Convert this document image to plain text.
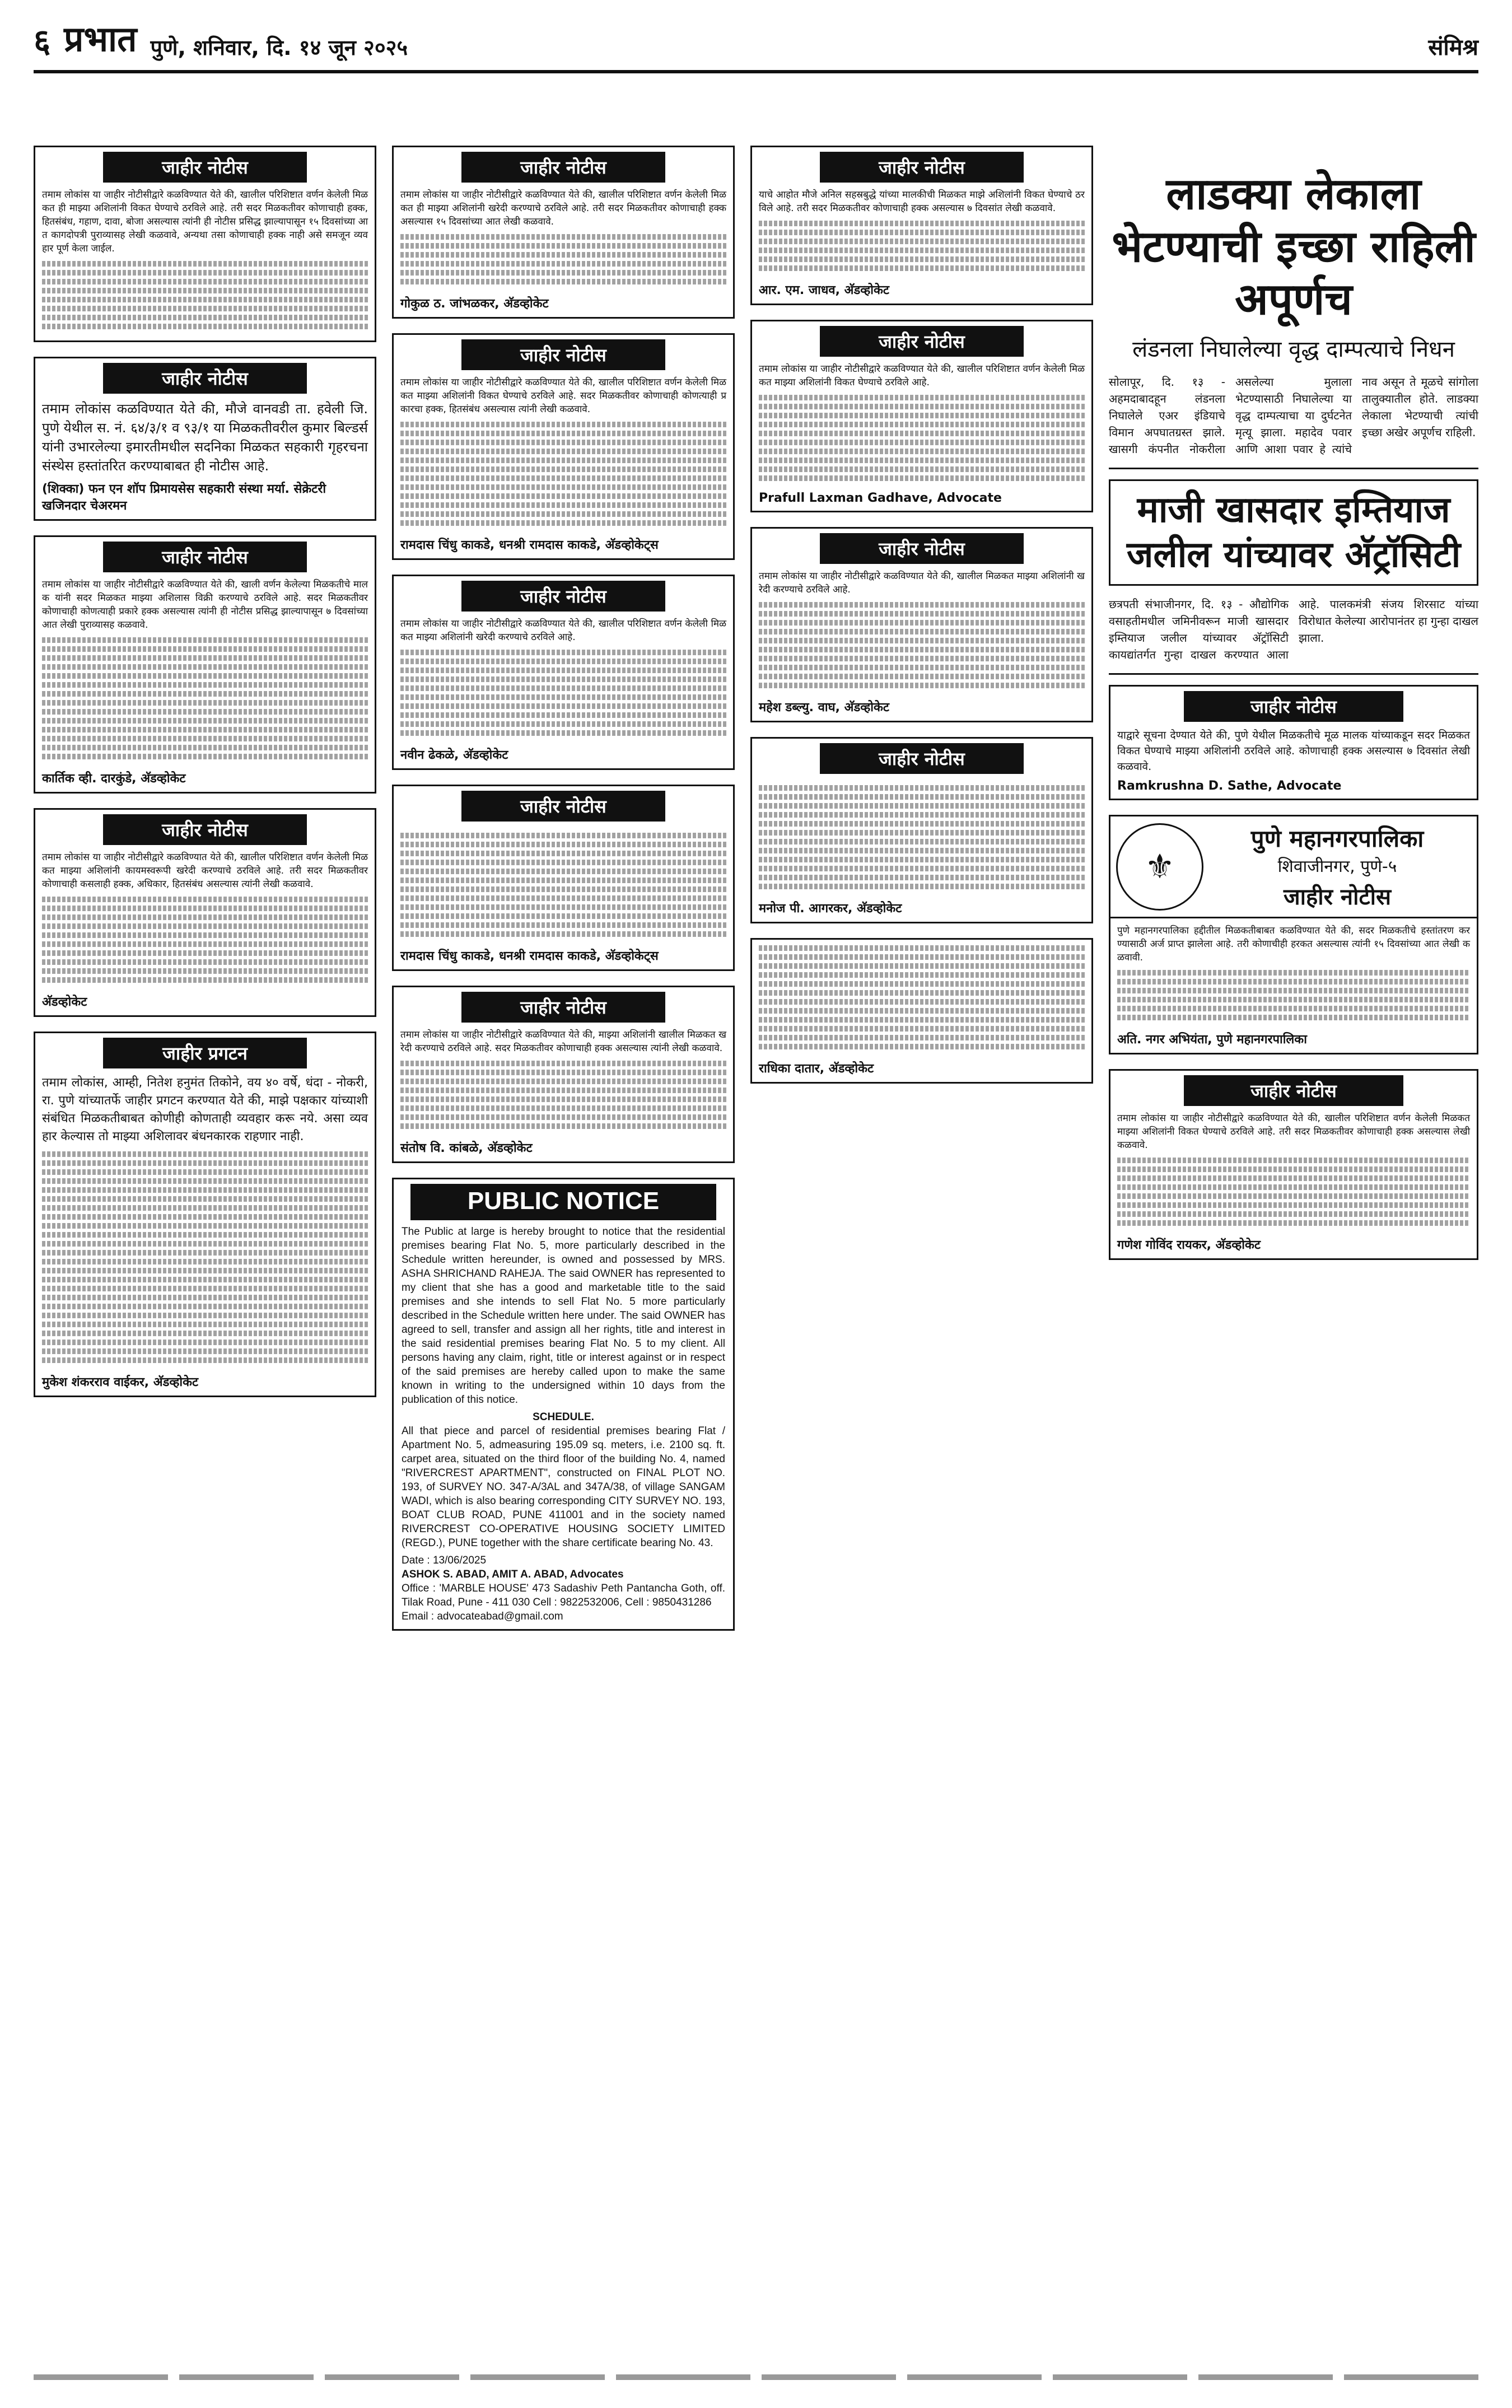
६ प्रभात पुणे, शनिवार, दि. १४ जून २०२५	संमिश्र
जाहीर नोटीस
तमाम लोकांस या जाहीर नोटीसीद्वारे कळविण्यात येते की, खालील परिशिष्टात वर्णन केलेली मिळकत ही माझ्या अशिलांनी विकत घेण्याचे ठरविले आहे. तरी सदर मिळकतीवर कोणाचाही हक्क, हितसंबंध, गहाण, दावा, बोजा असल्यास त्यांनी ही नोटीस प्रसिद्ध झाल्यापासून १५ दिवसांच्या आत कागदोपत्री पुराव्यासह लेखी कळवावे, अन्यथा तसा कोणाचाही हक्क नाही असे समजून व्यवहार पूर्ण केला जाईल.
जाहीर नोटीस
तमाम लोकांस कळविण्यात येते की, मौजे वानवडी ता. हवेली जि. पुणे येथील स. नं. ६४/३/१ व ९३/१ या मिळकतीवरील कुमार बिल्डर्स यांनी उभारलेल्या इमारतीमधील सदनिका मिळकत सहकारी गृहरचना संस्थेस हस्तांतरित करण्याबाबत ही नोटीस आहे.
(शिक्का) फन एन शॉप प्रिमायसेस सहकारी संस्था मर्या. सेक्रेटरी खजिनदार चेअरमन
जाहीर नोटीस
तमाम लोकांस या जाहीर नोटीसीद्वारे कळविण्यात येते की, खाली वर्णन केलेल्या मिळकतीचे मालक यांनी सदर मिळकत माझ्या अशिलास विक्री करण्याचे ठरविले आहे. सदर मिळकतीवर कोणाचाही कोणत्याही प्रकारे हक्क असल्यास त्यांनी ही नोटीस प्रसिद्ध झाल्यापासून ७ दिवसांच्या आत लेखी पुराव्यासह कळवावे.
कार्तिक व्ही. दारकुंडे, अ‍ॅडव्होकेट
जाहीर नोटीस
तमाम लोकांस या जाहीर नोटीसीद्वारे कळविण्यात येते की, खालील परिशिष्टात वर्णन केलेली मिळकत माझ्या अशिलांनी कायमस्वरूपी खरेदी करण्याचे ठरविले आहे. तरी सदर मिळकतीवर कोणाचाही कसलाही हक्क, अधिकार, हितसंबंध असल्यास त्यांनी लेखी कळवावे.
अ‍ॅडव्होकेट
जाहीर प्रगटन
तमाम लोकांस, आम्ही, नितेश हनुमंत तिकोने, वय ४० वर्षे, धंदा - नोकरी, रा. पुणे यांच्यातर्फे जाहीर प्रगटन करण्यात येते की, माझे पक्षकार यांच्याशी संबंधित मिळकतीबाबत कोणीही कोणताही व्यवहार करू नये. असा व्यवहार केल्यास तो माझ्या अशिलावर बंधनकारक राहणार नाही.
मुकेश शंकरराव वाईकर, अ‍ॅडव्होकेट
जाहीर नोटीस
तमाम लोकांस या जाहीर नोटीसीद्वारे कळविण्यात येते की, खालील परिशिष्टात वर्णन केलेली मिळकत ही माझ्या अशिलांनी खरेदी करण्याचे ठरविले आहे. तरी सदर मिळकतीवर कोणाचाही हक्क असल्यास १५ दिवसांच्या आत लेखी कळवावे.
गोकुळ ठ. जांभळकर, अ‍ॅडव्होकेट
जाहीर नोटीस
तमाम लोकांस या जाहीर नोटीसीद्वारे कळविण्यात येते की, खालील परिशिष्टात वर्णन केलेली मिळकत माझ्या अशिलांनी विकत घेण्याचे ठरविले आहे. सदर मिळकतीवर कोणाचाही कोणत्याही प्रकारचा हक्क, हितसंबंध असल्यास त्यांनी लेखी कळवावे.
रामदास चिंधु काकडे, धनश्री रामदास काकडे, अ‍ॅडव्होकेट्स
जाहीर नोटीस
तमाम लोकांस या जाहीर नोटीसीद्वारे कळविण्यात येते की, खालील परिशिष्टात वर्णन केलेली मिळकत माझ्या अशिलांनी खरेदी करण्याचे ठरविले आहे.
नवीन ढेकळे, अ‍ॅडव्होकेट
जाहीर नोटीस
रामदास चिंधु काकडे, धनश्री रामदास काकडे, अ‍ॅडव्होकेट्स
जाहीर नोटीस
तमाम लोकांस या जाहीर नोटीसीद्वारे कळविण्यात येते की, माझ्या अशिलांनी खालील मिळकत खरेदी करण्याचे ठरविले आहे. सदर मिळकतीवर कोणाचाही हक्क असल्यास त्यांनी लेखी कळवावे.
संतोष वि. कांबळे, अ‍ॅडव्होकेट
PUBLIC NOTICE
The Public at large is hereby brought to notice that the residential premises bearing Flat No. 5, more particularly described in the Schedule written hereunder, is owned and possessed by MRS. ASHA SHRICHAND RAHEJA. The said OWNER has represented to my client that she has a good and marketable title to the said premises and she intends to sell Flat No. 5 more particularly described in the Schedule written here under. The said OWNER has agreed to sell, transfer and assign all her rights, title and interest in the said residential premises bearing Flat No. 5 to my client. All persons having any claim, right, title or interest against or in respect of the said premises are hereby called upon to make the same known in writing to the undersigned within 10 days from the publication of this notice.
SCHEDULE.
All that piece and parcel of residential premises bearing Flat / Apartment No. 5, admeasuring 195.09 sq. meters, i.e. 2100 sq. ft. carpet area, situated on the third floor of the building No. 4, named "RIVERCREST APARTMENT", constructed on FINAL PLOT NO. 193, of SURVEY NO. 347-A/3AL and 347A/38, of village SANGAM WADI, which is also bearing corresponding CITY SURVEY NO. 193, BOAT CLUB ROAD, PUNE 411001 and in the society named RIVERCREST CO-OPERATIVE HOUSING SOCIETY LIMITED (REGD.), PUNE together with the share certificate bearing No. 43.
Date : 13/06/2025
ASHOK S. ABAD, AMIT A. ABAD, Advocates
Office : 'MARBLE HOUSE' 473 Sadashiv Peth Pantancha Goth, off. Tilak Road, Pune - 411 030 Cell : 9822532006, Cell : 9850431286
Email : advocateabad@gmail.com
जाहीर नोटीस
याचे आहोत मौजे अनिल सहस्रबुद्धे यांच्या मालकीची मिळकत माझे अशिलांनी विकत घेण्याचे ठरविले आहे. तरी सदर मिळकतीवर कोणाचाही हक्क असल्यास ७ दिवसांत लेखी कळवावे.
आर. एम. जाधव, अ‍ॅडव्होकेट
जाहीर नोटीस
तमाम लोकांस या जाहीर नोटीसीद्वारे कळविण्यात येते की, खालील परिशिष्टात वर्णन केलेली मिळकत माझ्या अशिलांनी विकत घेण्याचे ठरविले आहे.
Prafull Laxman Gadhave, Advocate
जाहीर नोटीस
तमाम लोकांस या जाहीर नोटीसीद्वारे कळविण्यात येते की, खालील मिळकत माझ्या अशिलांनी खरेदी करण्याचे ठरविले आहे.
महेश डब्ल्यु. वाघ, अ‍ॅडव्होकेट
जाहीर नोटीस
मनोज पी. आगरकर, अ‍ॅडव्होकेट
राधिका दातार, अ‍ॅडव्होकेट
लाडक्या लेकाला भेटण्याची इच्छा राहिली अपूर्णच
लंडनला निघालेल्या वृद्ध दाम्पत्याचे निधन
सोलापूर, दि. १३ - अहमदाबादहून लंडनला निघालेले एअर इंडियाचे विमान अपघातग्रस्त झाले. खासगी कंपनीत नोकरीला असलेल्या मुलाला भेटण्यासाठी निघालेल्या या वृद्ध दाम्पत्याचा या दुर्घटनेत मृत्यू झाला. महादेव पवार आणि आशा पवार हे त्यांचे नाव असून ते मूळचे सांगोला तालुक्यातील होते. लाडक्या लेकाला भेटण्याची त्यांची इच्छा अखेर अपूर्णच राहिली.
माजी खासदार इम्तियाज जलील यांच्यावर अ‍ॅट्रॉसिटी
छत्रपती संभाजीनगर, दि. १३ - औद्योगिक वसाहतीमधील जमिनीवरून माजी खासदार इम्तियाज जलील यांच्यावर अ‍ॅट्रॉसिटी कायद्यांतर्गत गुन्हा दाखल करण्यात आला आहे. पालकमंत्री संजय शिरसाट यांच्या विरोधात केलेल्या आरोपानंतर हा गुन्हा दाखल झाला.
जाहीर नोटीस
याद्वारे सूचना देण्यात येते की, पुणे येथील मिळकतीचे मूळ मालक यांच्याकडून सदर मिळकत विकत घेण्याचे माझ्या अशिलांनी ठरविले आहे. कोणाचाही हक्क असल्यास ७ दिवसांत लेखी कळवावे.
Ramkrushna D. Sathe, Advocate
⚜
पुणे महानगरपालिका
शिवाजीनगर, पुणे-५
जाहीर नोटीस
पुणे महानगरपालिका हद्दीतील मिळकतीबाबत कळविण्यात येते की, सदर मिळकतीचे हस्तांतरण करण्यासाठी अर्ज प्राप्त झालेला आहे. तरी कोणाचीही हरकत असल्यास त्यांनी १५ दिवसांच्या आत लेखी कळवावी.
अति. नगर अभियंता, पुणे महानगरपालिका
जाहीर नोटीस
तमाम लोकांस या जाहीर नोटीसीद्वारे कळविण्यात येते की, खालील परिशिष्टात वर्णन केलेली मिळकत माझ्या अशिलांनी विकत घेण्याचे ठरविले आहे. तरी सदर मिळकतीवर कोणाचाही हक्क असल्यास लेखी कळवावे.
गणेश गोविंद रायकर, अ‍ॅडव्होकेट
